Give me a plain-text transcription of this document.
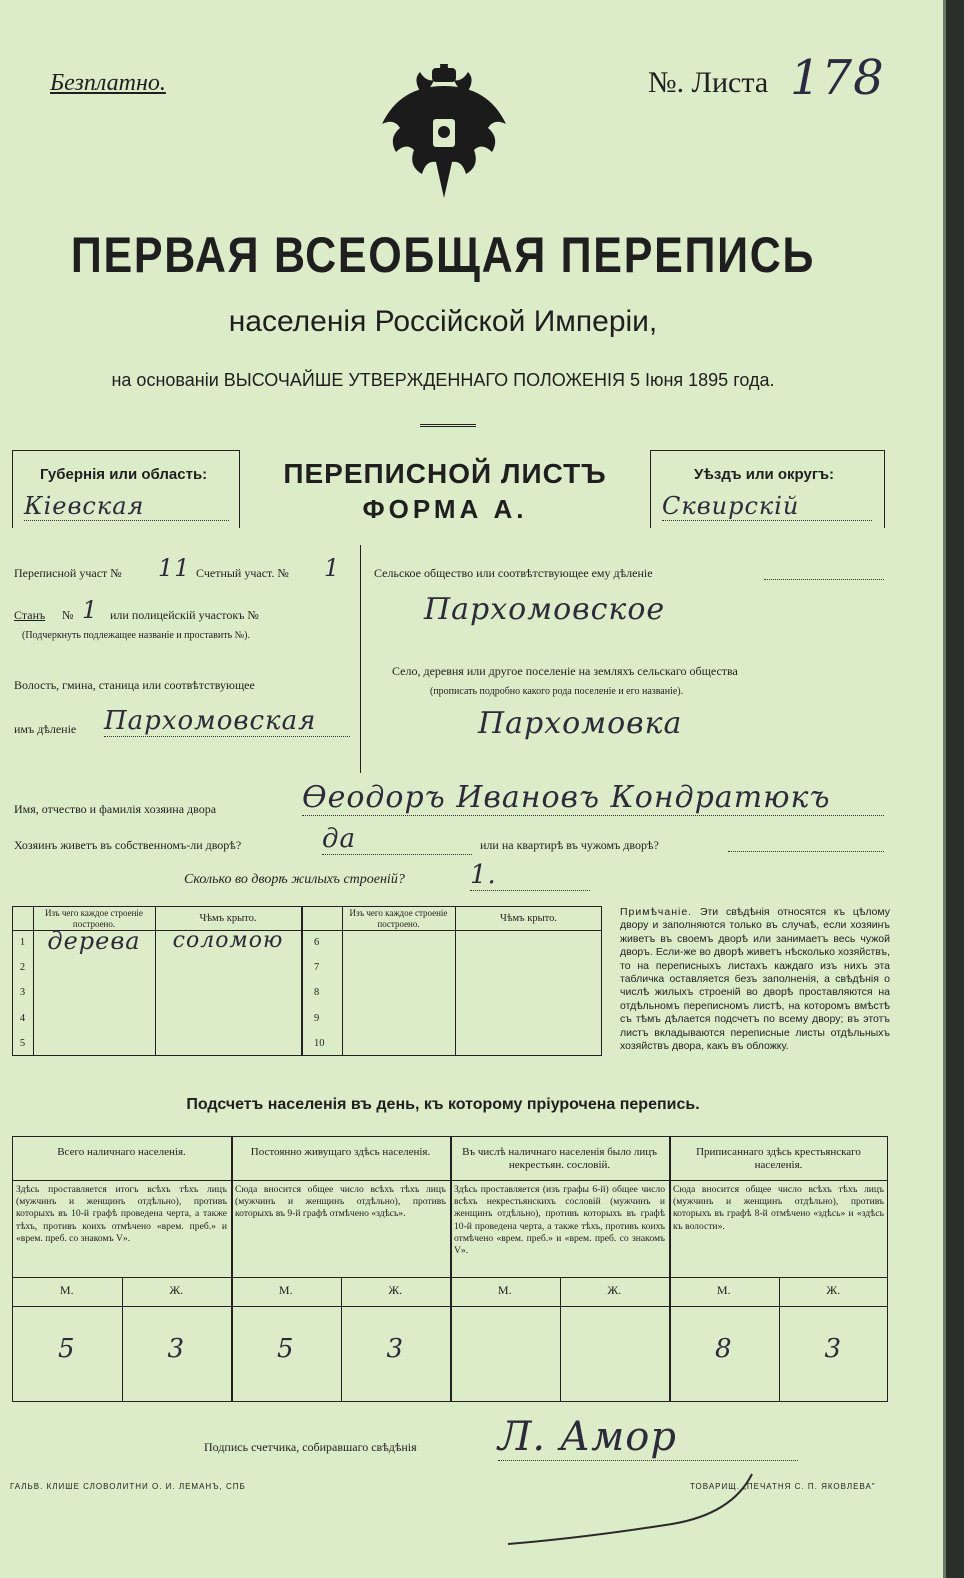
Безплатно.	№. Листа 178
ПЕРВАЯ ВСЕОБЩАЯ ПЕРЕПИСЬ
населенія Россійской Имперіи,
на основаніи ВЫСОЧАЙШЕ УТВЕРЖДЕННАГО ПОЛОЖЕНІЯ 5 Іюня 1895 года.
Губернія или область:
Кіевская
ПЕРЕПИСНОЙ ЛИСТЪ
ФОРМА А.
Уѣздъ или округъ:
Сквирскій
Переписной участ № 11 Счетный участ. № 1
Станъ № 1 или полицейскій участокъ №
(Подчеркнуть подлежащее названіе и проставить №).
Волость, гмина, станица или соотвѣтствующее
имъ дѣленіе Пархомовская
Сельское общество или соотвѣтствующее ему дѣленіе
Пархомовское
Село, деревня или другое поселеніе на земляхъ сельскаго общества
(прописать подробно какого рода поселеніе и его названіе).
Пархомовка
Имя, отчество и фамилія хозяина двора	Өеодоръ Ивановъ Кондратюкъ
Хозяинъ живетъ въ собственномъ-ли дворѣ?	да	или на квартирѣ въ чужомъ дворѣ?
Сколько во дворѣ жилыхъ строеній?	1.
Изъ чего каждое строеніе построено.	Чѣмъ крыто.	Изъ чего каждое строеніе построено.	Чѣмъ крыто.
1 дерева	соломою
2
3
4
5
6
7
8
9
10
Примѣчаніе. Эти свѣдѣнія относятся къ цѣлому двору и заполняются только въ случаѣ, если хозяинъ живетъ въ своемъ дворѣ или занимаетъ весь чужой дворъ. Если-же во дворѣ живетъ нѣсколько хозяйствъ, то на переписныхъ листахъ каждаго изъ нихъ эта табличка оставляется безъ заполненія, а свѣдѣнія о числѣ жилыхъ строеній во дворѣ проставляются на отдѣльномъ переписномъ листѣ, на которомъ вмѣстѣ съ тѣмъ дѣлается подсчетъ по всему двору; въ этотъ листъ вкладываются переписные листы отдѣльныхъ хозяйствъ двора, какъ въ обложку.
Подсчетъ населенія въ день, къ которому пріурочена перепись.
Всего наличнаго населенія.
Здѣсь проставляется итогъ всѣхъ тѣхъ лицъ (мужчинъ и женщинъ отдѣльно), противъ которыхъ въ 10-й графѣ проведена черта, а также тѣхъ, противъ коихъ отмѣчено «врем. преб.» и «врем. преб. со знакомъ V».
М.	Ж.
5	3
Постоянно живущаго здѣсь населенія.
Сюда вносится общее число всѣхъ тѣхъ лицъ (мужчинъ и женщинъ отдѣльно), противъ которыхъ въ 9-й графѣ отмѣчено «здѣсь».
М.	Ж.
5	3
Въ числѣ наличнаго населенія было лицъ некрестьян. сословій.
Здѣсь проставляется (изъ графы 6-й) общее число всѣхъ некрестьянскихъ сословій (мужчинъ и женщинъ отдѣльно), противъ которыхъ въ графѣ 10-й проведена черта, а также тѣхъ, противъ коихъ отмѣчено «врем. преб.» и «врем. преб. со знакомъ V».
М.	Ж.
Приписаннаго здѣсь крестьянскаго населенія.
Сюда вносится общее число всѣхъ тѣхъ лицъ (мужчинъ и женщинъ отдѣльно), противъ которыхъ въ графѣ 8-й отмѣчено «здѣсь» и «здѣсь къ волости».
М.	Ж.
8	3
Подпись счетчика, собиравшаго свѣдѣнія Л. Амор
ГАЛЬВ. КЛИШЕ СЛОВОЛИТНИ О. И. ЛЕМАНЪ, СПБ	ТОВАРИЩ. „ПЕЧАТНЯ С. П. ЯКОВЛЕВА"
